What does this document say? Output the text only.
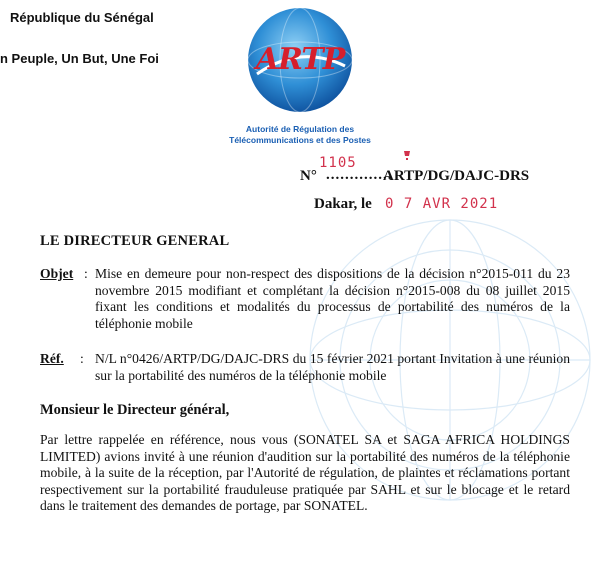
République du Sénégal
n Peuple, Un But, Une Foi	ARTP
Autorité de Régulation des
Télécommunications et des Postes
N° ..............
1105
ARTP/DG/DAJC-DRS
Dakar, le 0 7 AVR 2021
LE DIRECTEUR GENERAL
Objet : Mise en demeure pour non-respect des dispositions de la décision n°2015-011 du 23 novembre 2015 modifiant et complétant la décision n°2015-008 du 08 juillet 2015 fixant les conditions et modalités du processus de portabilité des numéros de la téléphonie mobile
Réf. : N/L n°0426/ARTP/DG/DAJC-DRS du 15 février 2021 portant Invitation à une réunion sur la portabilité des numéros de la téléphonie mobile
Monsieur le Directeur général,
Par lettre rappelée en référence, nous vous (SONATEL SA et SAGA AFRICA HOLDINGS LIMITED) avions invité à une réunion d'audition sur la portabilité des numéros de la téléphonie mobile, à la suite de la réception, par l'Autorité de régulation, de plaintes et réclamations portant respectivement sur la portabilité frauduleuse pratiquée par SAHL et sur le blocage et le retard dans le traitement des demandes de portage, par SONATEL.
